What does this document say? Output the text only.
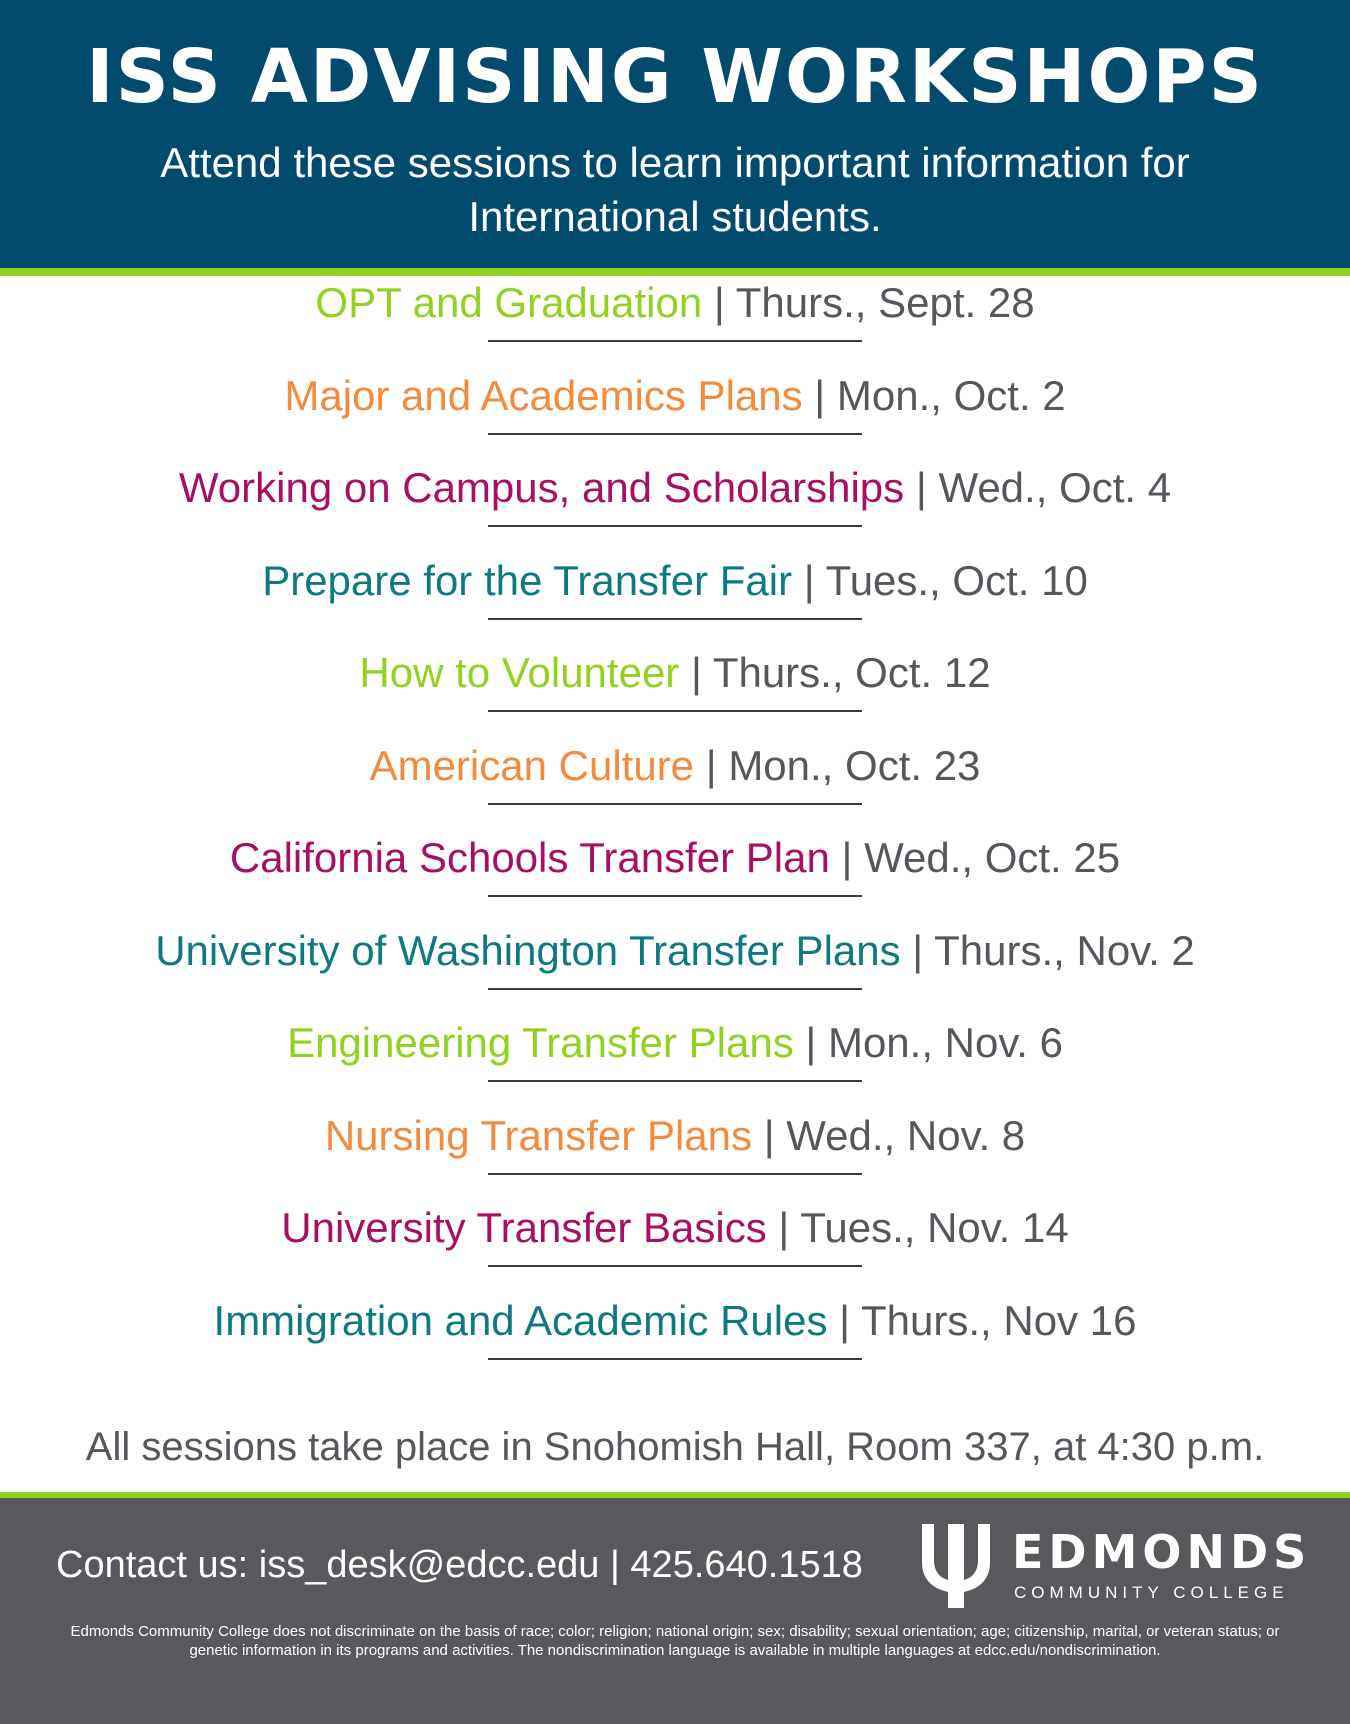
ISS ADVISING WORKSHOPS
Attend these sessions to learn important information for International students.
OPT and Graduation | Thurs., Sept. 28
Major and Academics Plans | Mon., Oct. 2
Working on Campus, and Scholarships | Wed., Oct. 4
Prepare for the Transfer Fair | Tues., Oct. 10
How to Volunteer | Thurs., Oct. 12
American Culture | Mon., Oct. 23
California Schools Transfer Plan | Wed., Oct. 25
University of Washington Transfer Plans | Thurs., Nov. 2
Engineering Transfer Plans | Mon., Nov. 6
Nursing Transfer Plans | Wed., Nov. 8
University Transfer Basics | Tues., Nov. 14
Immigration and Academic Rules | Thurs., Nov 16
All sessions take place in Snohomish Hall, Room 337, at 4:30 p.m.
Contact us: iss_desk@edcc.edu | 425.640.1518	EDMONDS
COMMUNITY COLLEGE
Edmonds Community College does not discriminate on the basis of race; color; religion; national origin; sex; disability; sexual orientation; age; citizenship, marital, or veteran status; or genetic information in its programs and activities. The nondiscrimination language is available in multiple languages at edcc.edu/nondiscrimination.
